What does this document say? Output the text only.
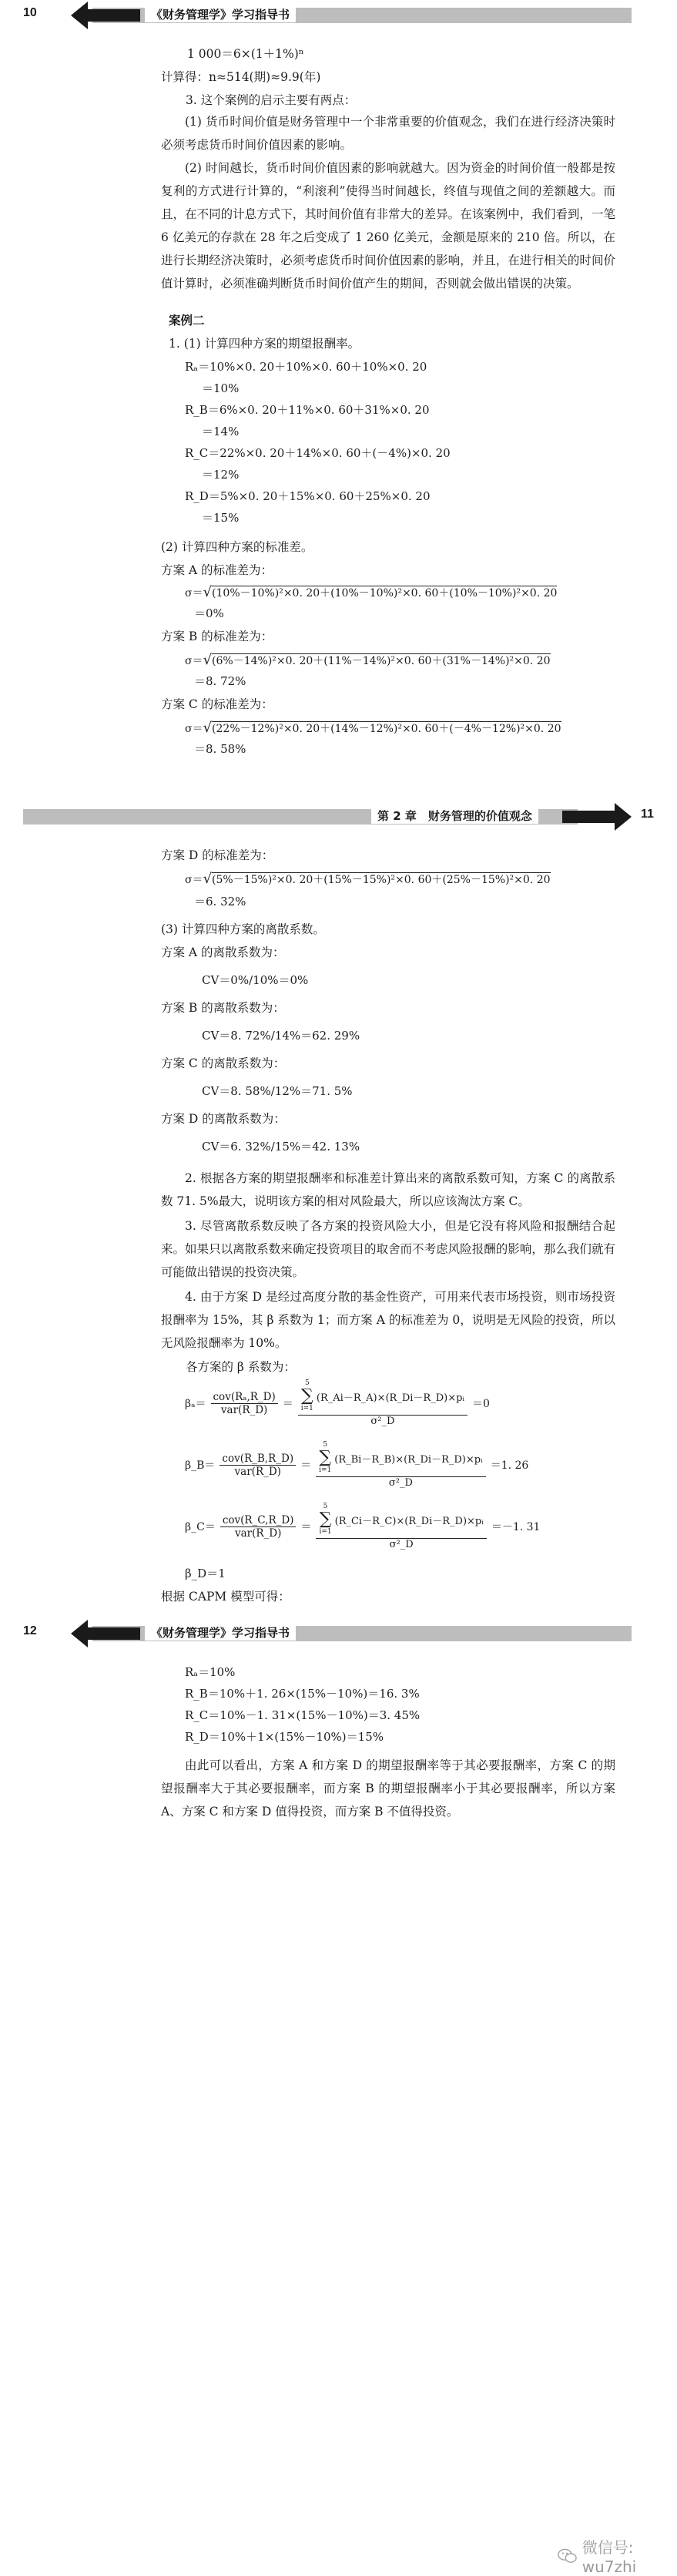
10	《财务管理学》学习指导书
1 000＝6×(1＋1%)ⁿ
计算得：n≈514(期)≈9.9(年)
3. 这个案例的启示主要有两点：
(1) 货币时间价值是财务管理中一个非常重要的价值观念，我们在进行经济决策时必须考虑货币时间价值因素的影响。
(2) 时间越长，货币时间价值因素的影响就越大。因为资金的时间价值一般都是按复利的方式进行计算的，“利滚利”使得当时间越长，终值与现值之间的差额越大。而且，在不同的计息方式下，其时间价值有非常大的差异。在该案例中，我们看到，一笔 6 亿美元的存款在 28 年之后变成了 1 260 亿美元，金额是原来的 210 倍。所以，在进行长期经济决策时，必须考虑货币时间价值因素的影响，并且，在进行相关的时间价值计算时，必须准确判断货币时间价值产生的期间，否则就会做出错误的决策。
案例二
1. (1) 计算四种方案的期望报酬率。
Rₐ＝10%×0. 20＋10%×0. 60＋10%×0. 20
＝10%
R_B＝6%×0. 20＋11%×0. 60＋31%×0. 20
＝14%
R_C＝22%×0. 20＋14%×0. 60＋(－4%)×0. 20
＝12%
R_D＝5%×0. 20＋15%×0. 60＋25%×0. 20
＝15%
(2) 计算四种方案的标准差。
方案 A 的标准差为：
σ＝√(10%－10%)²×0. 20＋(10%－10%)²×0. 60＋(10%－10%)²×0. 20
＝0%
方案 B 的标准差为：
σ＝√(6%－14%)²×0. 20＋(11%－14%)²×0. 60＋(31%－14%)²×0. 20
＝8. 72%
方案 C 的标准差为：
σ＝√(22%－12%)²×0. 20＋(14%－12%)²×0. 60＋(－4%－12%)²×0. 20
＝8. 58%
第 2 章　财务管理的价值观念	11
方案 D 的标准差为：
σ＝√(5%－15%)²×0. 20＋(15%－15%)²×0. 60＋(25%－15%)²×0. 20
＝6. 32%
(3) 计算四种方案的离散系数。
方案 A 的离散系数为：
CV＝0%/10%＝0%
方案 B 的离散系数为：
CV＝8. 72%/14%＝62. 29%
方案 C 的离散系数为：
CV＝8. 58%/12%＝71. 5%
方案 D 的离散系数为：
CV＝6. 32%/15%＝42. 13%
2. 根据各方案的期望报酬率和标准差计算出来的离散系数可知，方案 C 的离散系数 71. 5%最大，说明该方案的相对风险最大，所以应该淘汰方案 C。
3. 尽管离散系数反映了各方案的投资风险大小，但是它没有将风险和报酬结合起来。如果只以离散系数来确定投资项目的取舍而不考虑风险报酬的影响，那么我们就有可能做出错误的投资决策。
4. 由于方案 D 是经过高度分散的基金性资产，可用来代表市场投资，则市场投资报酬率为 15%，其 β 系数为 1；而方案 A 的标准差为 0，说明是无风险的投资，所以无风险报酬率为 10%。
各方案的 β 系数为：
$\beta_a= \frac{\text{cov(Rₐ,R\_D)}}{\text{var(R\_D)}}$ ＝
5
∑
i=1
(R_Ai－R_A)×(R_Di－R_D)×pᵢ
σ²_D
＝0
β_B＝ $\frac{\text{cov(R\_B,R\_D)}}{\text{var(R\_D)}}$ ＝
5
∑
i=1
(R_Bi－R_B)×(R_Di－R_D)×pᵢ
σ²_D
＝1. 26
β_C＝ $\frac{\text{cov(R\_C,R\_D)}}{\text{var(R\_D)}}$ ＝
5
∑
i=1
(R_Ci－R_C)×(R_Di－R_D)×pᵢ
σ²_D
＝－1. 31
β_D＝1
根据 CAPM 模型可得：
12	《财务管理学》学习指导书
Rₐ＝10%
R_B＝10%＋1. 26×(15%－10%)＝16. 3%
R_C＝10%－1. 31×(15%－10%)＝3. 45%
R_D＝10%＋1×(15%－10%)＝15%
由此可以看出，方案 A 和方案 D 的期望报酬率等于其必要报酬率，方案 C 的期望报酬率大于其必要报酬率，而方案 B 的期望报酬率小于其必要报酬率，所以方案 A、方案 C 和方案 D 值得投资，而方案 B 不值得投资。
微信号: wu7zhi
